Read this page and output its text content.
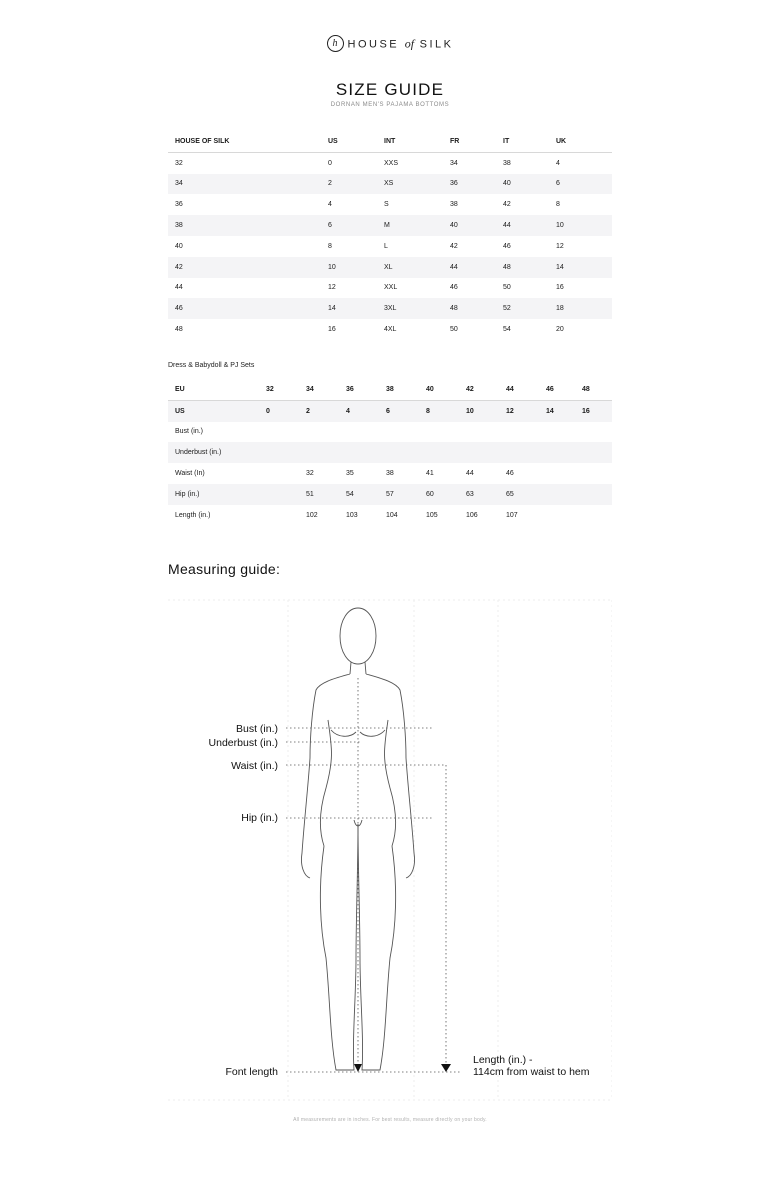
h HOUSE of SILK
SIZE GUIDE
DORNAN MEN'S PAJAMA BOTTOMS
HOUSE OF SILK	US	INT	FR	IT	UK
32	0	XXS	34	38	4
34	2	XS	36	40	6
36	4	S	38	42	8
38	6	M	40	44	10
40	8	L	42	46	12
42	10	XL	44	48	14
44	12	XXL	46	50	16
46	14	3XL	48	52	18
48	16	4XL	50	54	20
Dress & Babydoll & PJ Sets
EU	32	34	36	38	40	42	44	46	48
US	0	2	4	6	8	10	12	14	16
Bust (in.)									
Underbust (in.)									
Waist (In)		32	35	38	41	44	46		
Hip (in.)		51	54	57	60	63	65		
Length (in.)		102	103	104	105	106	107		
Measuring guide:
Bust (in.)
Underbust (in.)
Waist (in.)
Hip (in.)
Font length
Length (in.) -
114cm from waist to hem
All measurements are in inches. For best results, measure directly on your body.
